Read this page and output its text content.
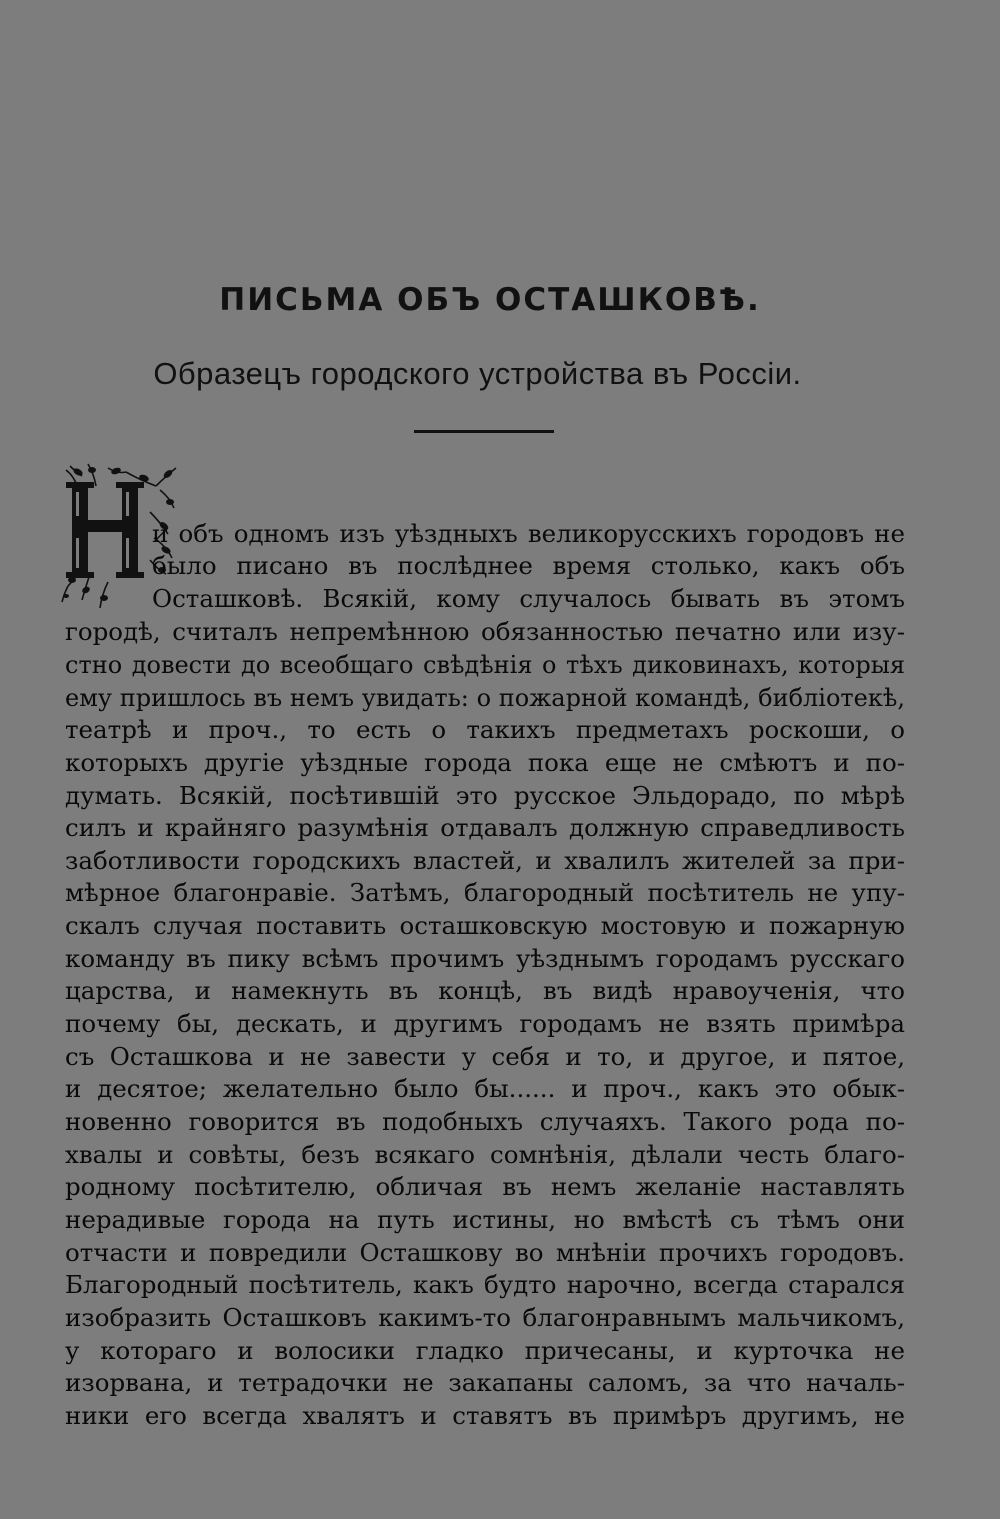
ПИСЬМА ОБЪ ОСТАШКОВѢ.
Образецъ городского устройства въ Россіи.
и объ одномъ изъ уѣздныхъ великорусскихъ городовъ не
было писано въ послѣднее время столько, какъ объ
Осташковѣ. Всякій, кому случалось бывать въ этомъ
городѣ, считалъ непремѣнною обязанностью печатно или изу-
стно довести до всеобщаго свѣдѣнія о тѣхъ диковинахъ, которыя
ему пришлось въ немъ увидать: о пожарной командѣ, библіотекѣ,
театрѣ и проч., то есть о такихъ предметахъ роскоши, о
которыхъ другіе уѣздные города пока еще не смѣютъ и по-
думать. Всякій, посѣтившій это русское Эльдорадо, по мѣрѣ
силъ и крайняго разумѣнія отдавалъ должную справедливость
заботливости городскихъ властей, и хвалилъ жителей за при-
мѣрное благонравіе. Затѣмъ, благородный посѣтитель не упу-
скалъ случая поставить осташковскую мостовую и пожарную
команду въ пику всѣмъ прочимъ уѣзднымъ городамъ русскаго
царства, и намекнуть въ концѣ, въ видѣ нравоученія, что
почему бы, дескать, и другимъ городамъ не взять примѣра
съ Осташкова и не завести у себя и то, и другое, и пятое,
и десятое; желательно было бы...... и проч., какъ это обык-
новенно говорится въ подобныхъ случаяхъ. Такого рода по-
хвалы и совѣты, безъ всякаго сомнѣнія, дѣлали честь благо-
родному посѣтителю, обличая въ немъ желаніе наставлять
нерадивые города на путь истины, но вмѣстѣ съ тѣмъ они
отчасти и повредили Осташкову во мнѣніи прочихъ городовъ.
Благородный посѣтитель, какъ будто нарочно, всегда старался
изобразить Осташковъ какимъ-то благонравнымъ мальчикомъ,
у котораго и волосики гладко причесаны, и курточка не
изорвана, и тетрадочки не закапаны саломъ, за что началь-
ники его всегда хвалятъ и ставятъ въ примѣръ другимъ, не
